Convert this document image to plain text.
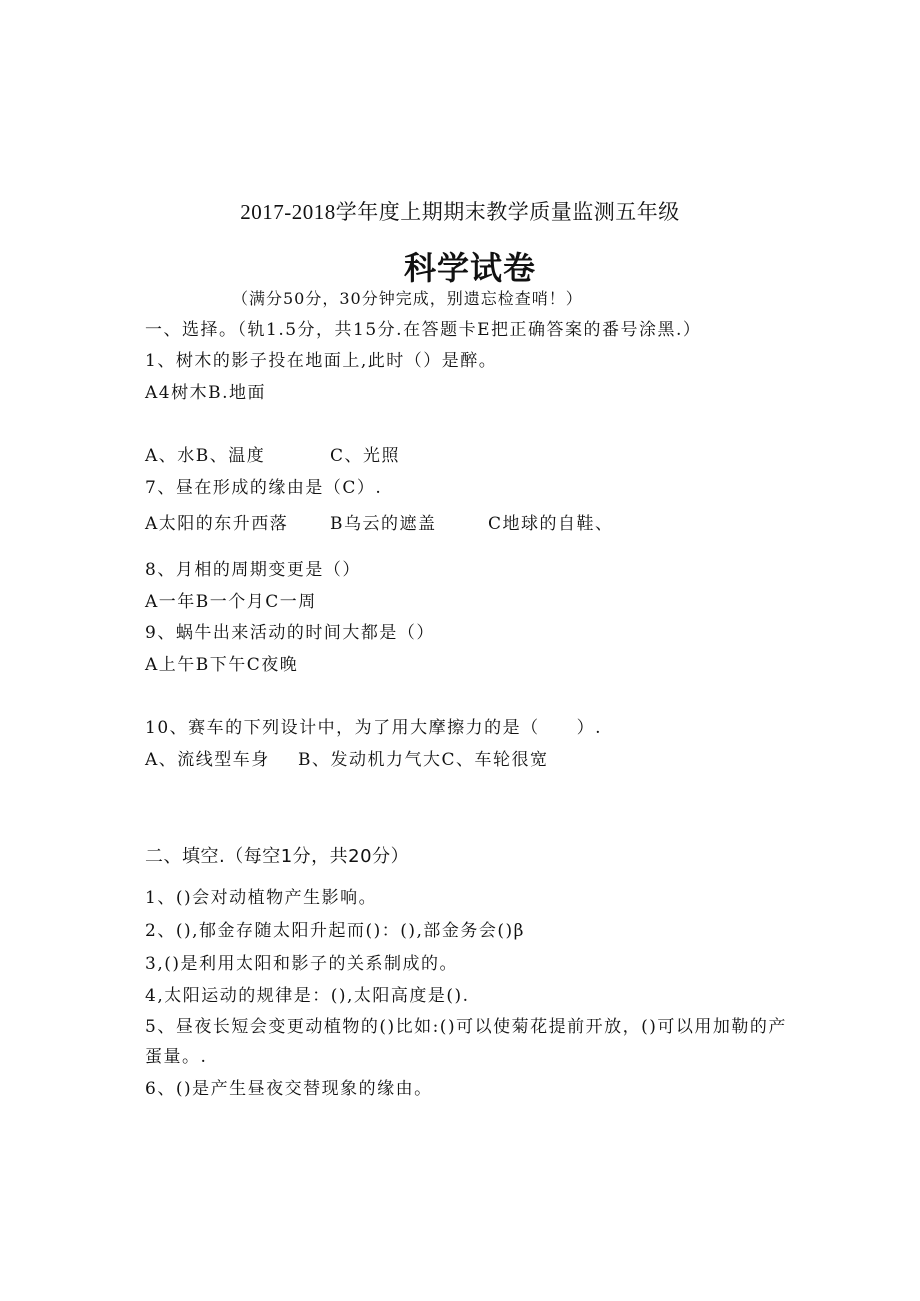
2017-2018学年度上期期末教学质量监测五年级
科学试卷
（满分50分，30分钟完成，别遗忘检查哨！）
一、选择。（轨1.5分，共15分.在答题卡E把正确答案的番号涂黑.）
1、树木的影子投在地面上,此时（）是醉。
A4树木B.地面
A、水B、温度	C、光照
7、昼在形成的缘由是（C）.
A太阳的东升西落 B乌云的遮盖	C地球的自鞋、
8、月相的周期变更是（）
A一年B一个月C一周
9、蜗牛出来活动的时间大都是（）
A上午B下午C夜晚
10、赛车的下列设计中，为了用大摩擦力的是（　　）.
A、流线型车身 B、发动机力气大C、车轮很宽
二、填空.（每空1分，共20分）
1、()会对动植物产生影响。
2、(),郁金存随太阳升起而()：(),部金务会()β
3,()是利用太阳和影子的关系制成的。
4,太阳运动的规律是：(),太阳高度是().
5、昼夜长短会变更动植物的()比如:()可以使菊花提前开放，()可以用加勒的产
蛋量。.
6、()是产生昼夜交替现象的缘由。
